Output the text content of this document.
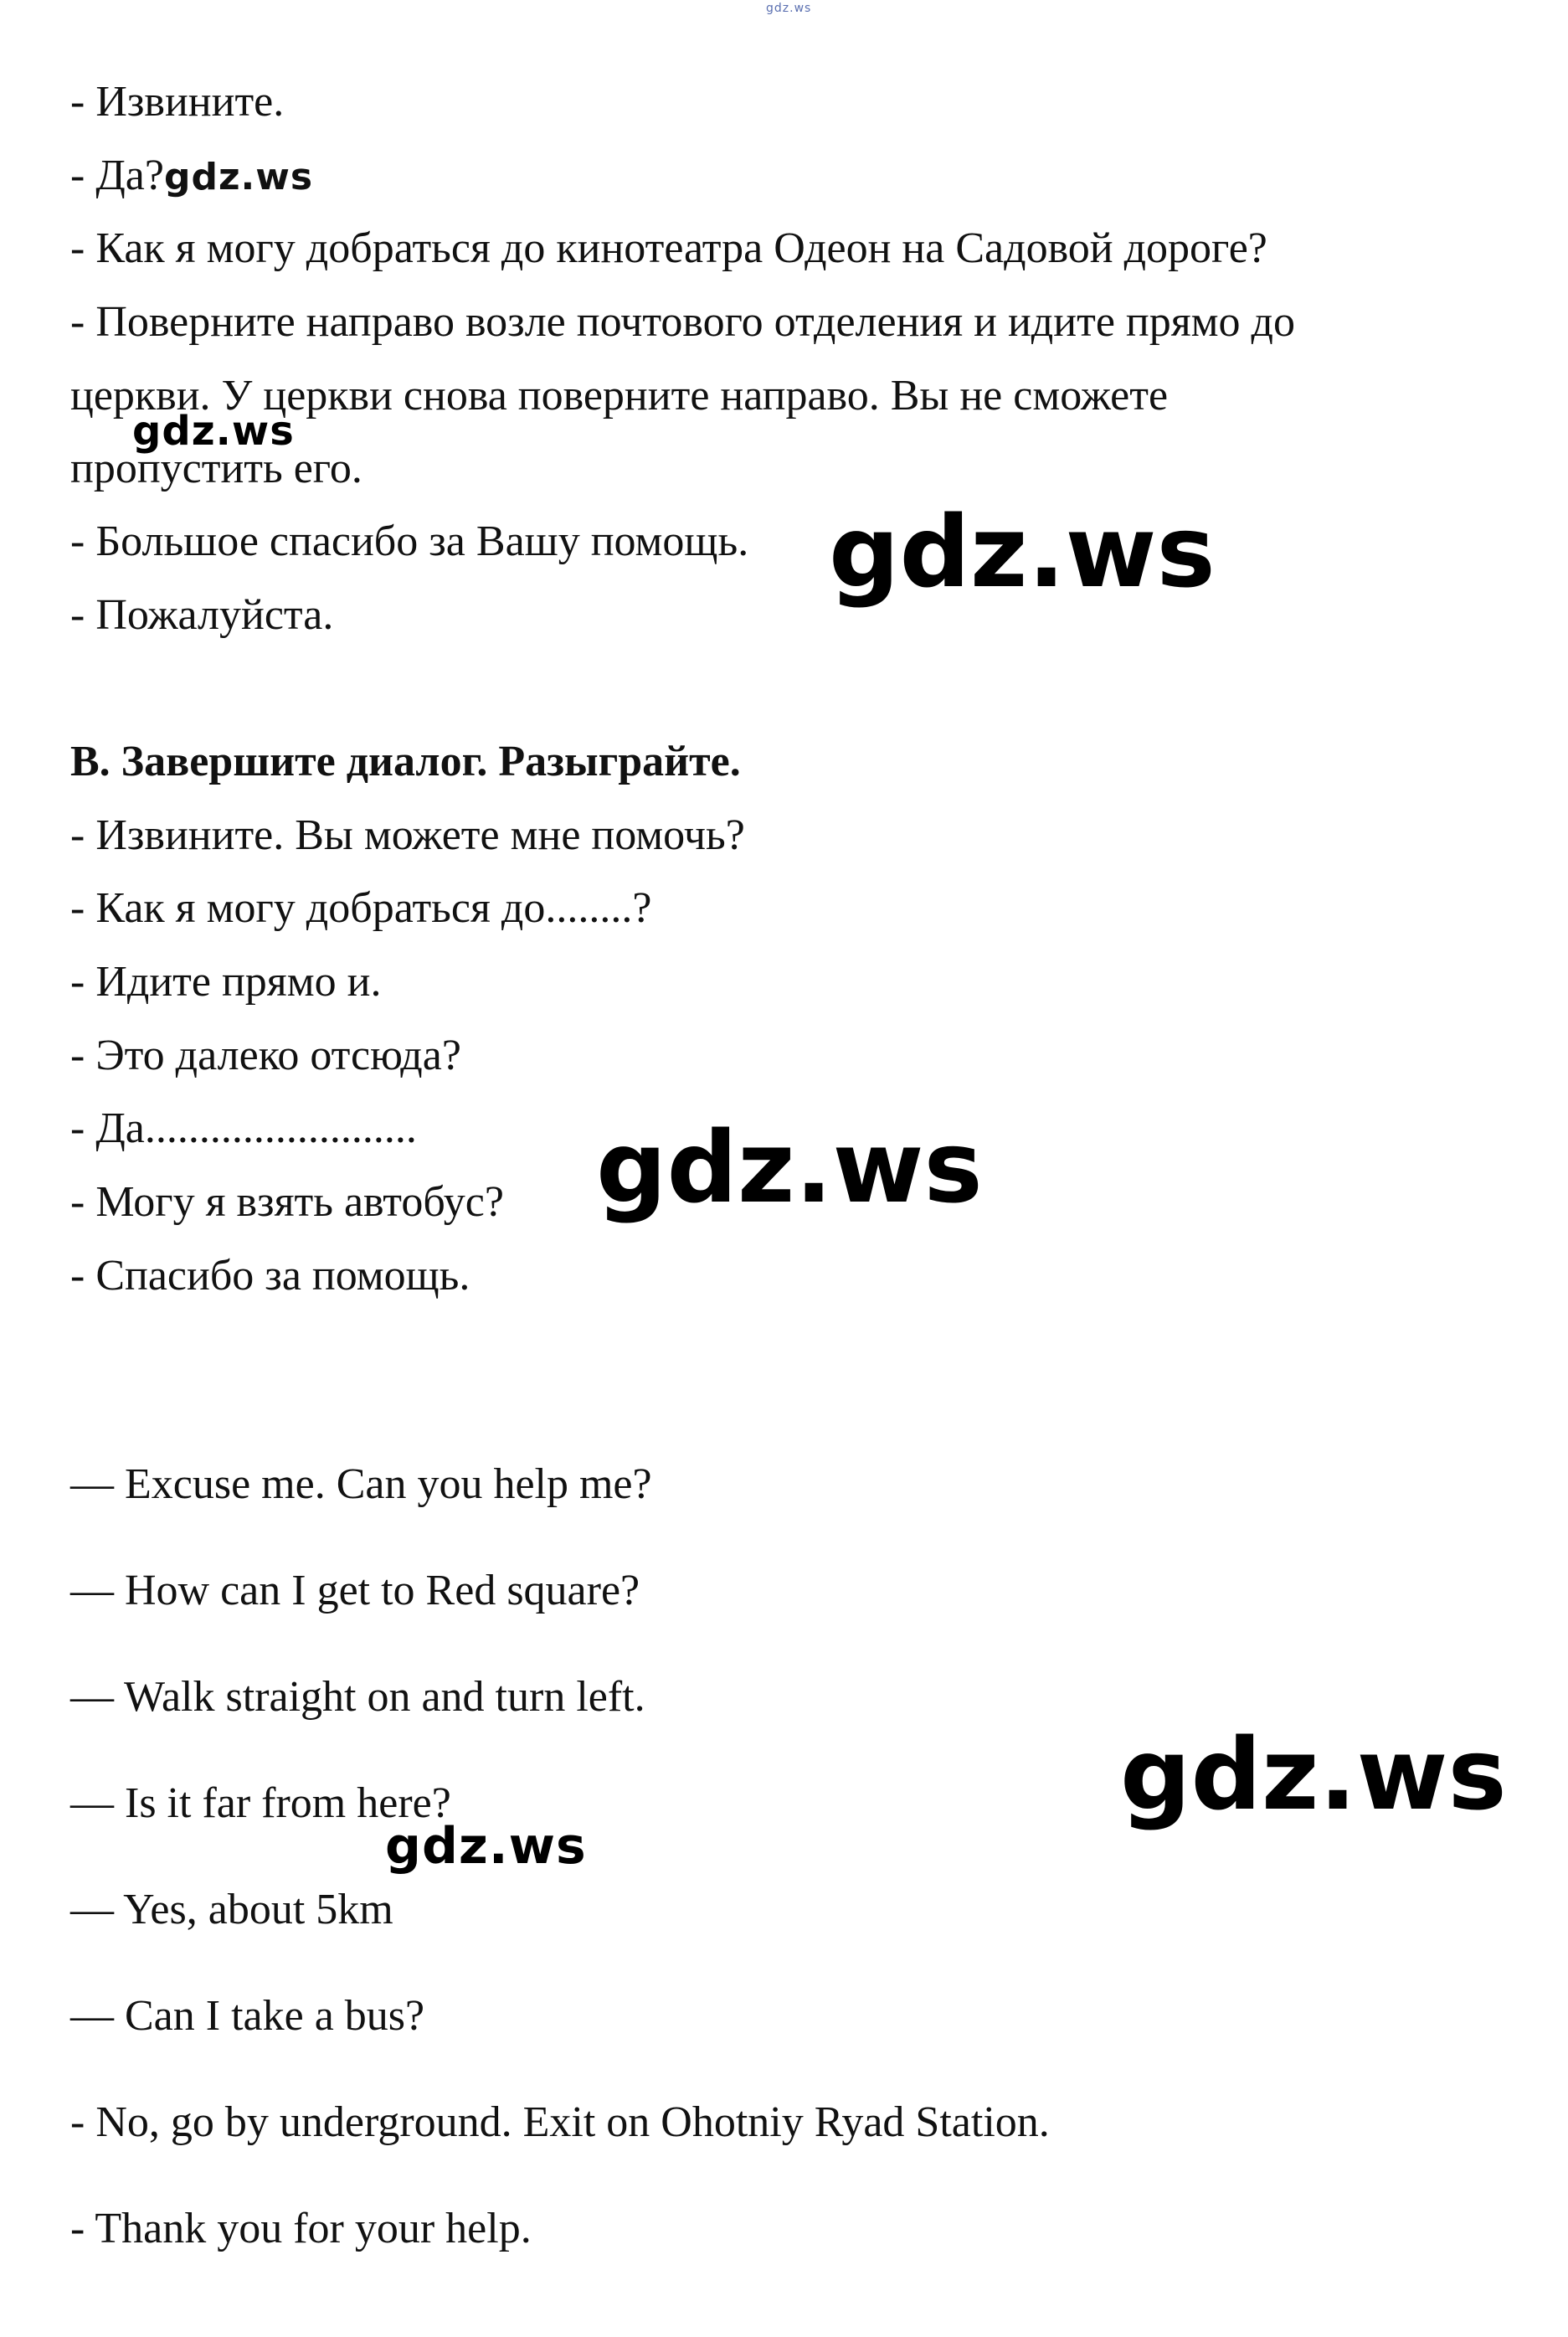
gdz.ws
- Извините.
- Да?gdz.ws
- Как я могу добраться до кинотеатра Одеон на Садовой дороге?
- Поверните направо возле почтового отделения и идите прямо до
церкви. У церкви снова поверните направо. Вы не сможете
пропустить его.
- Большое спасибо за Вашу помощь.
- Пожалуйста.
gdz.ws
gdz.ws
B. Завершите диалог. Разыграйте.
- Извините. Вы можете мне помочь?
- Как я могу добраться до........?
- Идите прямо и.
- Это далеко отсюда?
- Да.........................
- Могу я взять автобус?
- Спасибо за помощь.
gdz.ws
— Excuse me. Can you help me?
— How can I get to Red square?
— Walk straight on and turn left.
— Is it far from here?
— Yes, about 5km
— Can I take a bus?
- No, go by underground. Exit on Ohotniy Ryad Station.
- Thank you for your help.
gdz.ws
gdz.ws
